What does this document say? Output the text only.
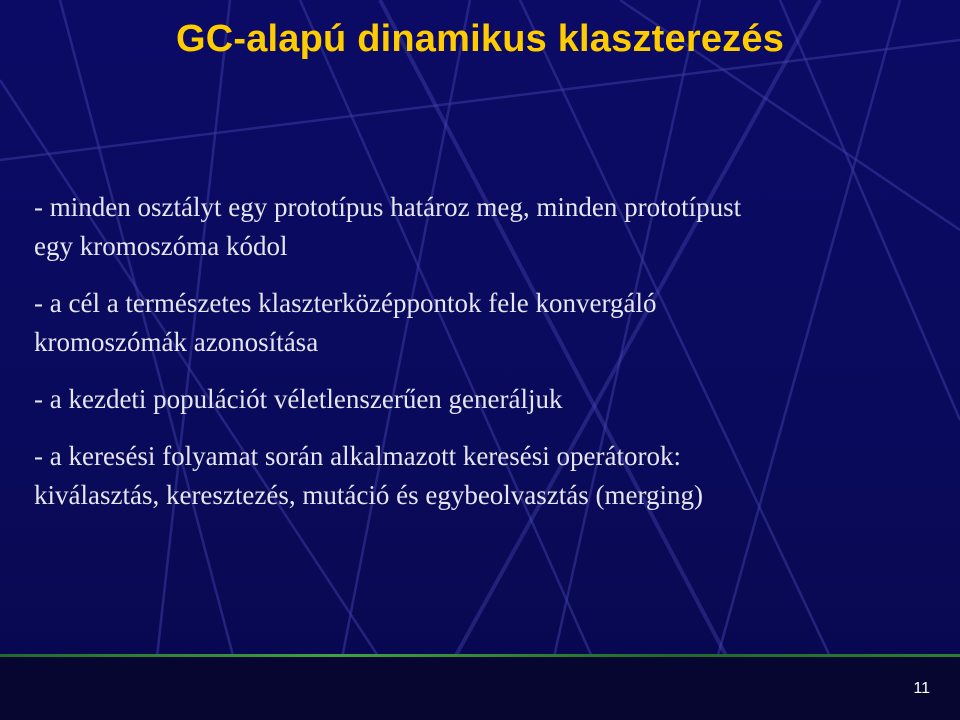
GC-alapú dinamikus klaszterezés
- minden osztályt egy prototípus határoz meg, minden prototípust
egy kromoszóma kódol
- a cél a természetes klaszterközéppontok fele konvergáló
kromoszómák azonosítása
- a kezdeti populációt véletlenszerűen generáljuk
- a keresési folyamat során alkalmazott keresési operátorok:
kiválasztás, keresztezés, mutáció és egybeolvasztás (merging)
11
